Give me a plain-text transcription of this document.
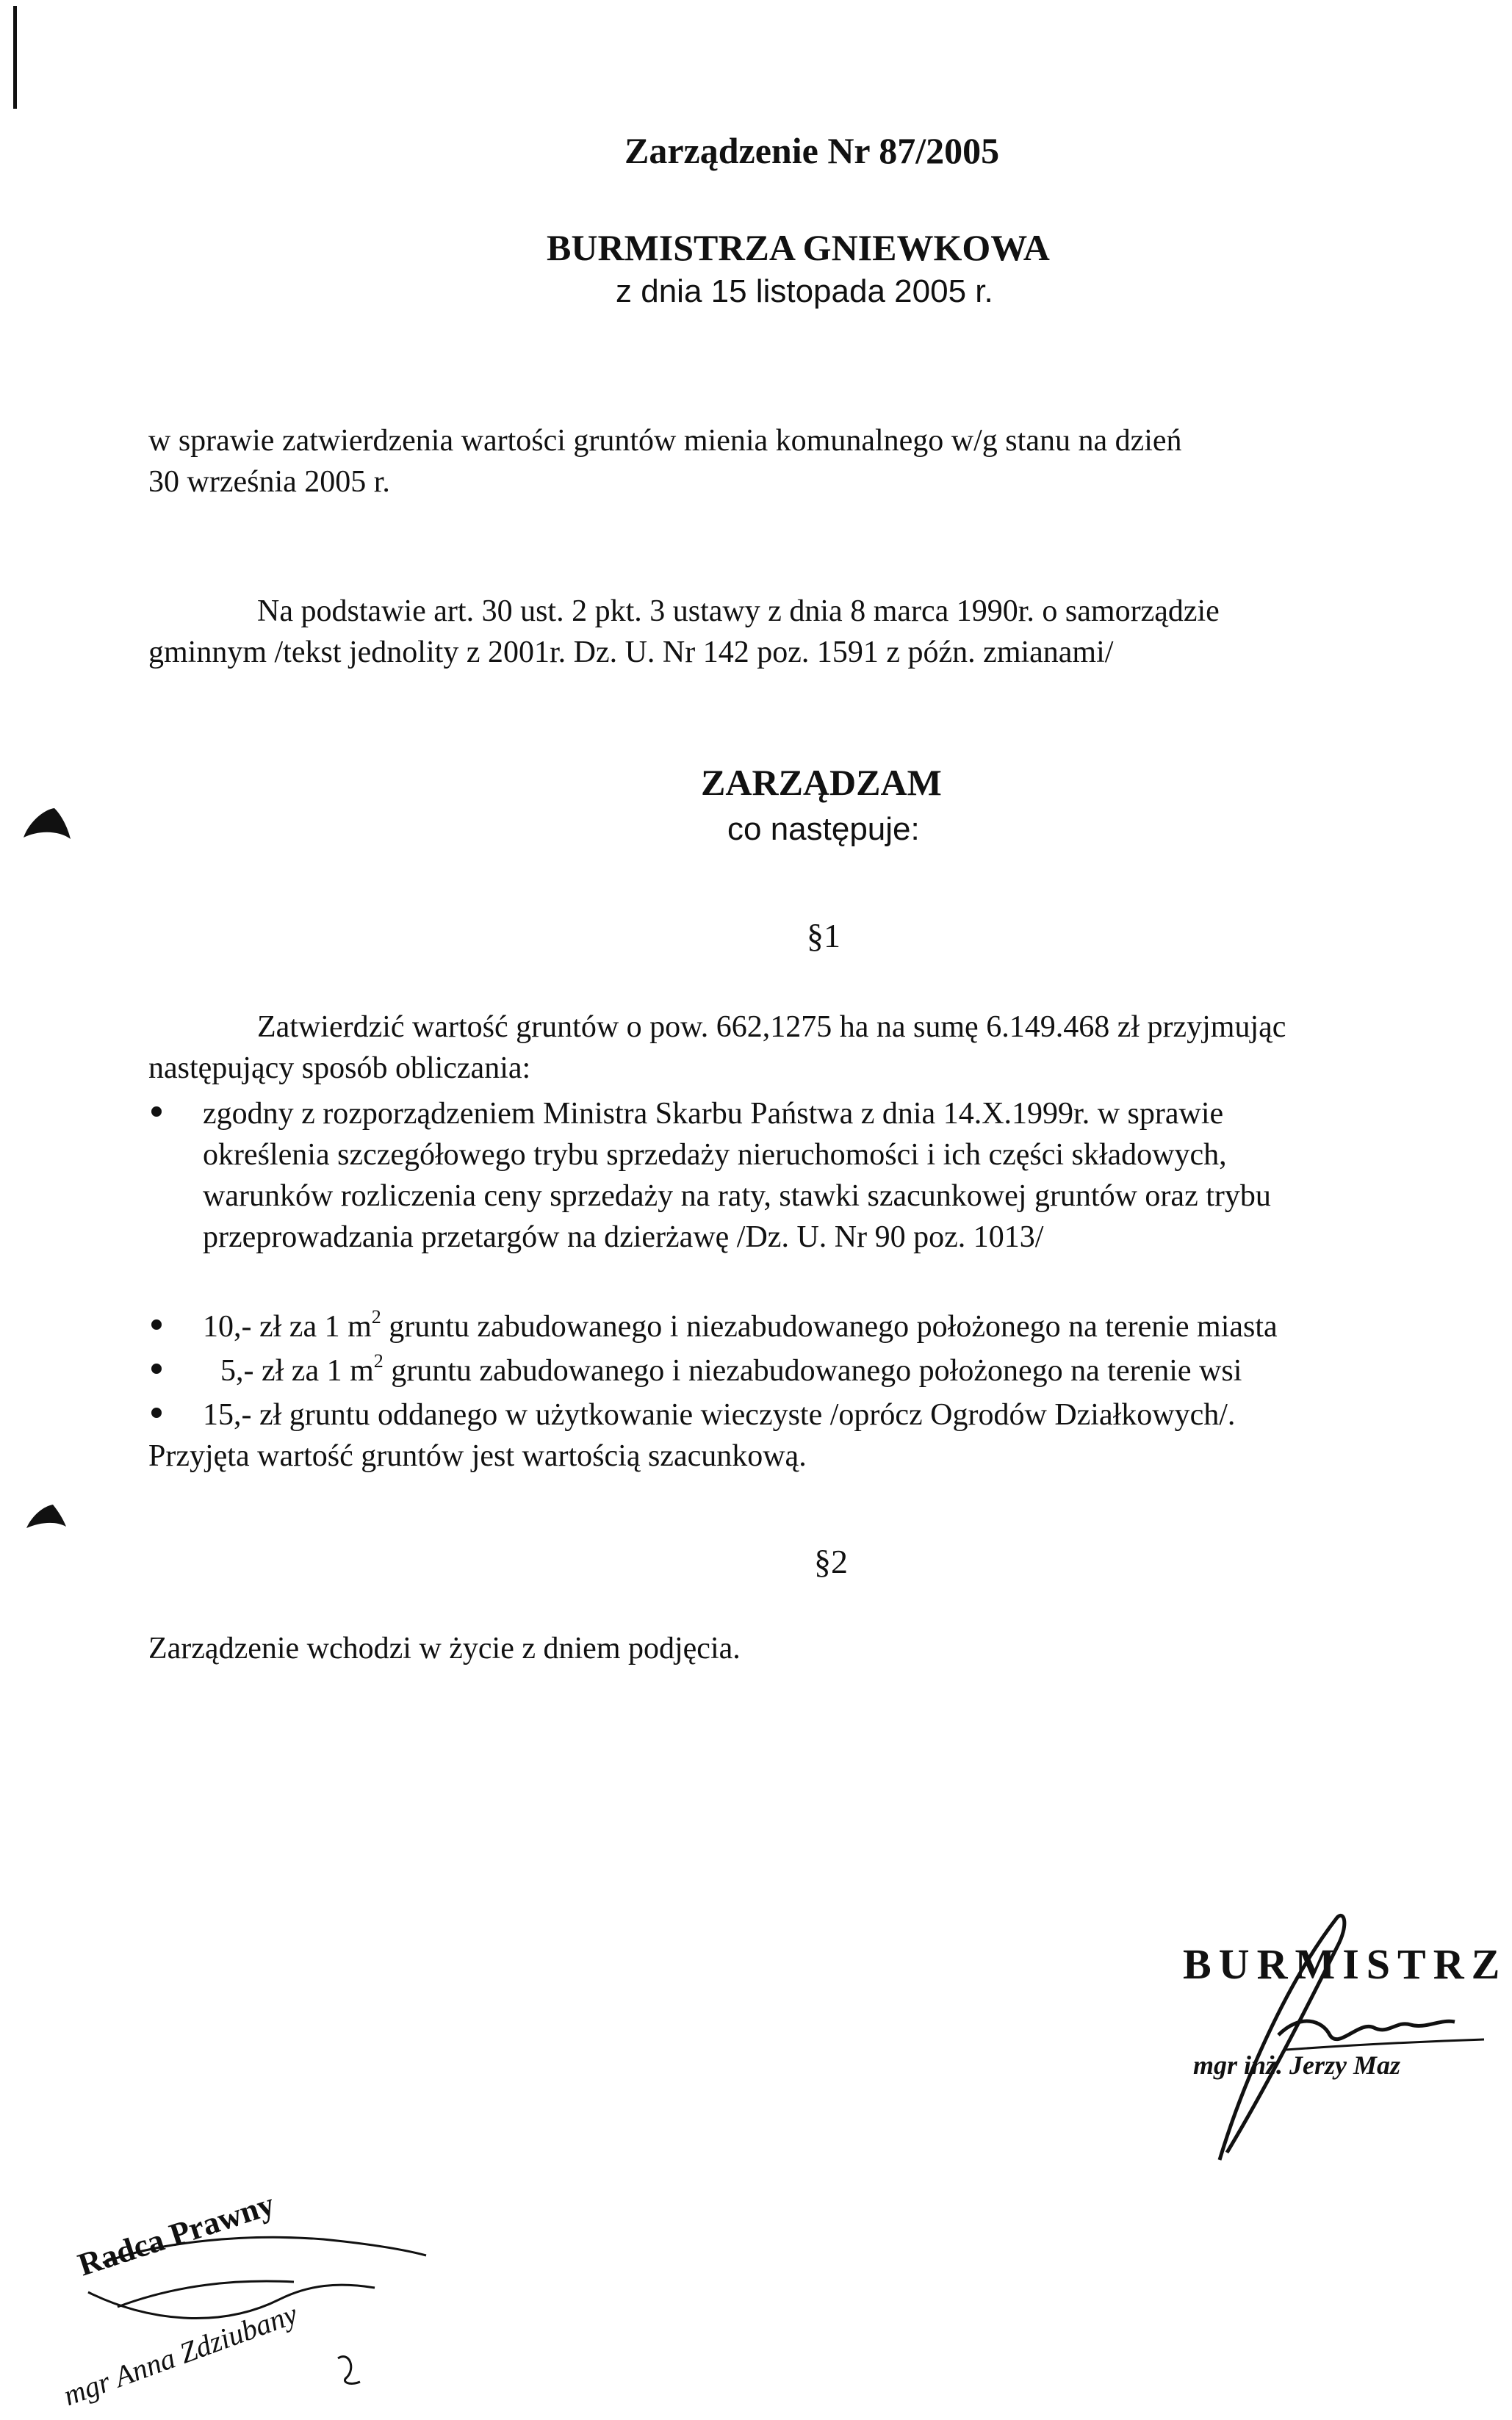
Zarządzenie Nr 87/2005
BURMISTRZA GNIEWKOWA
z dnia 15 listopada 2005 r.
w sprawie zatwierdzenia wartości gruntów mienia komunalnego w/g stanu na dzień
30 września 2005 r.
Na podstawie art. 30 ust. 2 pkt. 3 ustawy z dnia 8 marca 1990r. o samorządzie
gminnym /tekst jednolity z 2001r. Dz. U. Nr 142 poz. 1591 z późn. zmianami/
ZARZĄDZAM
co następuje:
§1
Zatwierdzić wartość gruntów o pow. 662,1275 ha na sumę 6.149.468 zł przyjmując
następujący sposób obliczania:
zgodny z rozporządzeniem Ministra Skarbu Państwa z dnia 14.X.1999r. w sprawie
określenia szczegółowego trybu sprzedaży nieruchomości i ich części składowych,
warunków rozliczenia ceny sprzedaży na raty, stawki szacunkowej gruntów oraz trybu
przeprowadzania przetargów na dzierżawę /Dz. U. Nr 90 poz. 1013/
10,- zł za 1 $m^2$ gruntu zabudowanego i niezabudowanego położonego na terenie miasta
5,- zł za 1 $m^2$ gruntu zabudowanego i niezabudowanego położonego na terenie wsi
15,- zł gruntu oddanego w użytkowanie wieczyste /oprócz Ogrodów Działkowych/.
Przyjęta wartość gruntów jest wartością szacunkową.
§2
Zarządzenie wchodzi w życie z dniem podjęcia.
BURMISTRZ
mgr inż. Jerzy Maz
Radca Prawny
mgr Anna Zdziubany
